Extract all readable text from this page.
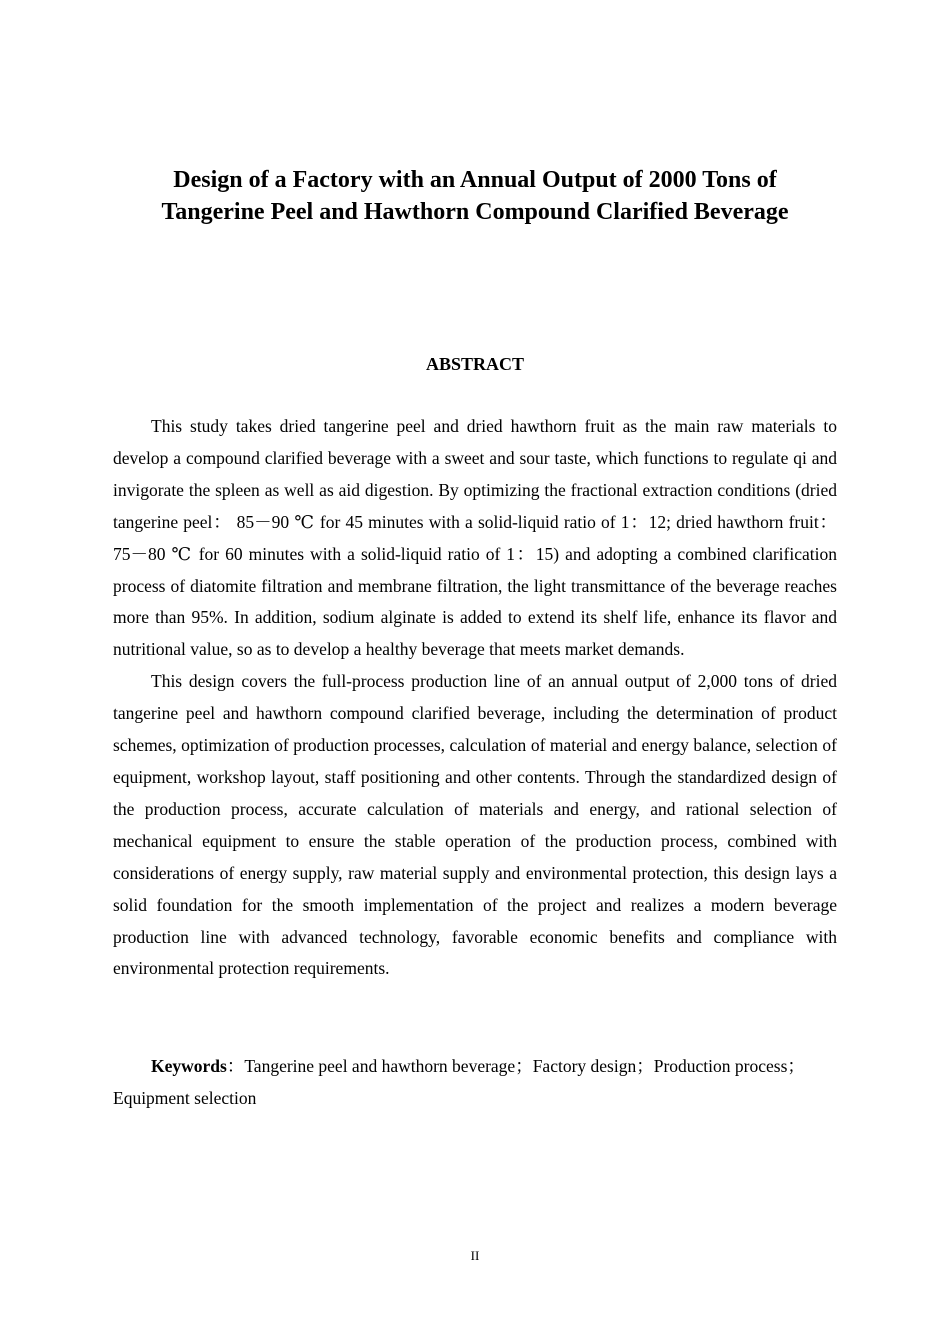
Design of a Factory with an Annual Output of 2000 Tons of
Tangerine Peel and Hawthorn Compound Clarified Beverage
ABSTRACT

This study takes dried tangerine peel and dried hawthorn fruit as the main raw materials to develop a compound clarified beverage with a sweet and sour taste, which functions to regulate qi and invigorate the spleen as well as aid digestion. By optimizing the fractional extraction conditions (dried tangerine peel： 85－90 ℃ for 45 minutes with a solid-liquid ratio of 1：12; dried hawthorn fruit： 75－80 ℃ for 60 minutes with a solid-liquid ratio of 1：15) and adopting a combined clarification process of diatomite filtration and membrane filtration, the light transmittance of the beverage reaches more than 95%. In addition, sodium alginate is added to extend its shelf life, enhance its flavor and nutritional value, so as to develop a healthy beverage that meets market demands.

This design covers the full-process production line of an annual output of 2,000 tons of dried tangerine peel and hawthorn compound clarified beverage, including the determination of product schemes, optimization of production processes, calculation of material and energy balance, selection of equipment, workshop layout, staff positioning and other contents. Through the standardized design of the production process, accurate calculation of materials and energy, and rational selection of mechanical equipment to ensure the stable operation of the production process, combined with considerations of energy supply, raw material supply and environmental protection, this design lays a solid foundation for the smooth implementation of the project and realizes a modern beverage production line with advanced technology, favorable economic benefits and compliance with environmental protection requirements.

Keywords：Tangerine peel and hawthorn beverage；Factory design；Production process；Equipment selection

II
